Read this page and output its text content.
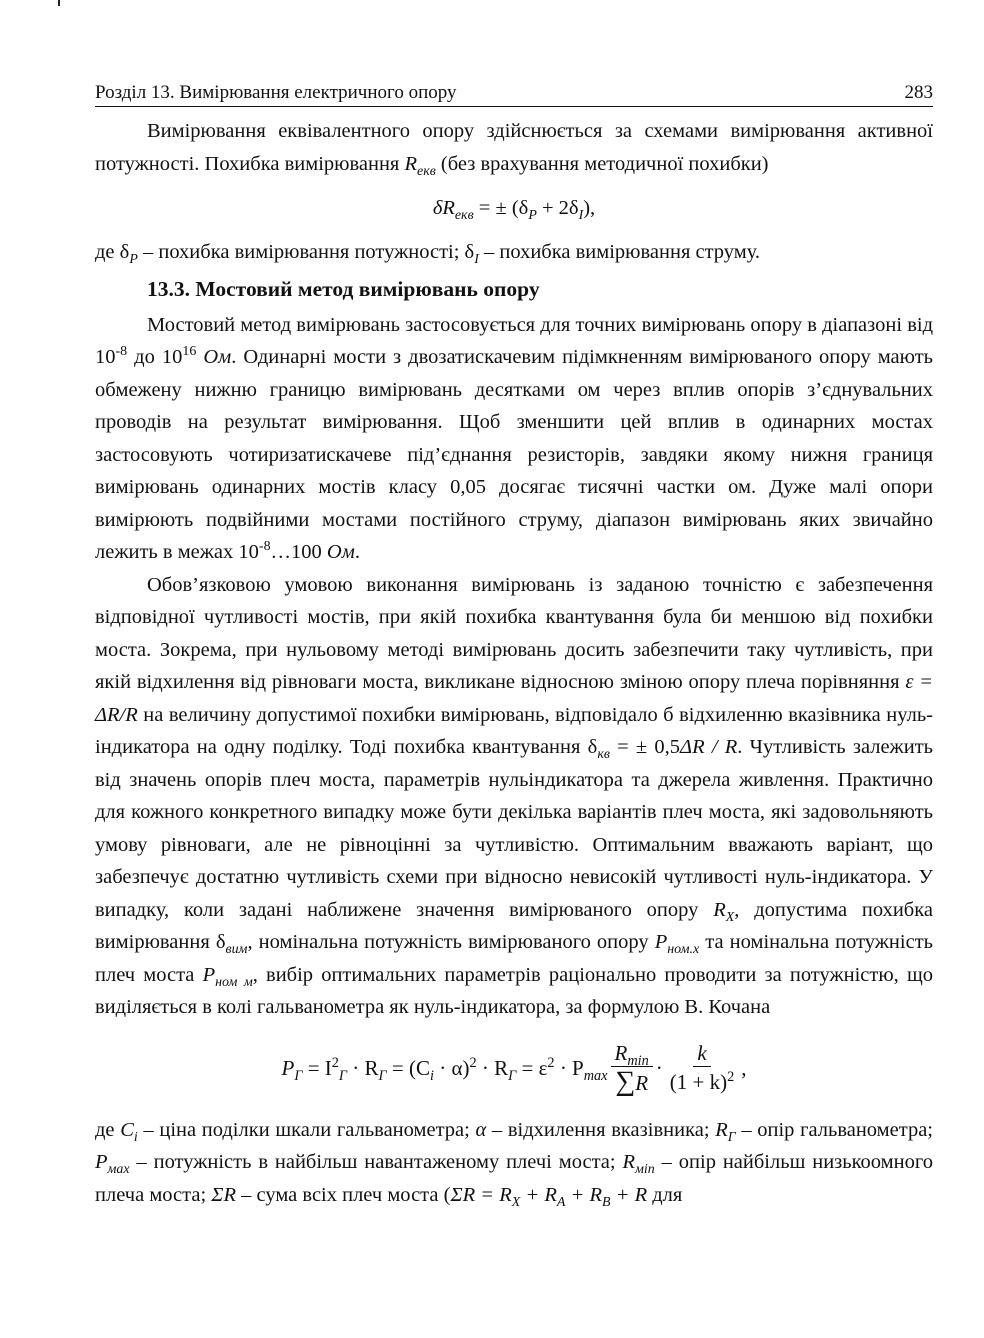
Розділ 13. Вимірювання електричного опору	283

Вимірювання еквівалентного опору здійснюється за схемами вимірювання активної потужності. Похибка вимірювання $R_{екв}$ (без врахування методичної похибки)

$\delta R_{екв}$ = ± $(\delta_P + 2\delta_I)$,

де $\delta_P$ – похибка вимірювання потужності; $\delta_I$ – похибка вимірювання струму.

13.3. Мостовий метод вимірювань опору

Мостовий метод вимірювань застосовується для точних вимірювань опору в діапазоні від $10^{-8}$ до $10^{16}$ Ом. Одинарні мости з двозатискачевим підімкненням вимірюваного опору мають обмежену нижню границю вимірювань десятками ом через вплив опорів з’єднувальних проводів на результат вимірювання. Щоб зменшити цей вплив в одинарних мостах застосовують чотиризатискачеве під’єднання резисторів, завдяки якому нижня границя вимірювань одинарних мостів класу 0,05 досягає тисячні частки ом. Дуже малі опори вимірюють подвійними мостами постійного струму, діапазон вимірювань яких звичайно лежить в межах $10^{-8}\dots 100$ Ом.

Обов’язковою умовою виконання вимірювань із заданою точністю є забезпечення відповідної чутливості мостів, при якій похибка квантування була би меншою від похибки моста. Зокрема, при нульовому методі вимірювань досить забезпечити таку чутливість, при якій відхилення від рівноваги моста, викликане відносною зміною опору плеча порівняння ε = ΔR/R на величину допустимої похибки вимірювань, відповідало б відхиленню вказівника нуль-індикатора на одну поділку. Тоді похибка квантування $\delta_{кв}$ = ± 0,5ΔR / R. Чутливість залежить від значень опорів плеч моста, параметрів нульіндикатора та джерела живлення. Практично для кожного конкретного випадку може бути декілька варіантів плеч моста, які задовольняють умову рівноваги, але не рівноцінні за чутливістю. Оптимальним вважають варіант, що забезпечує достатню чутливість схеми при відносно невисокій чутливості нуль-індикатора. У випадку, коли задані наближене значення вимірюваного опору $R_X$, допустима похибка вимірювання $\delta_{вим}$, номінальна потужність вимірюваного опору $P_{ном.x}$ та номінальна потужність плеч моста $P_{ном м}$, вибір оптимальних параметрів раціонально проводити за потужністю, що виділяється в колі гальванометра як нуль-індикатора, за формулою В. Кочана

$P_Г = I^2_Г \cdot R_Г = (C_i \cdot \alpha)^2 \cdot R_Г = \varepsilon^2 \cdot P_{max} \frac{R_{min}}{\sum R} \cdot \frac{k}{(1 + k)^2}$ ,

де $C_i$ – ціна поділки шкали гальванометра; α – відхилення вказівника; $R_Г$ – опір гальванометра; $P_{мах}$ – потужність в найбільш навантаженому плечі моста; $R_{мin}$ – опір найбільш низькоомного плеча моста; ΣR – сума всіх плеч моста ($\Sigma R = R_X + R_A + R_B + R$ для
